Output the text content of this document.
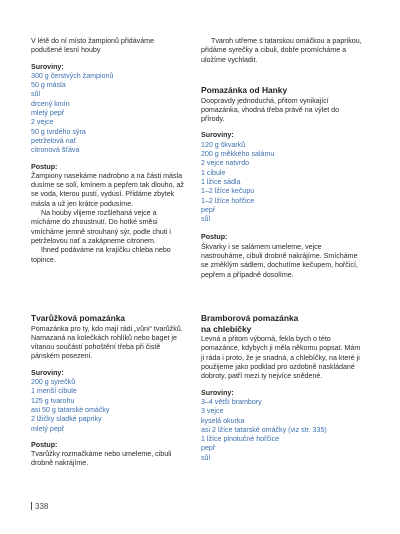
V létě do ní místo žampionů přidáváme podušené lesní houby

Suroviny:

300 g čerstvých žampionů

50 g másla

sůl

drcený kmín

mletý pepř

2 vejce

50 g tvrdého sýra

petrželová nať

citronová šťáva

Postup:

Žampiony nasekáme nadrobno a na části másla dusíme se solí, kmínem a pepřem tak dlouho, až se voda, kterou pustí, vydusí. Přidáme zbytek másla a už jen krátce podusíme.

Na houby vlijeme rozšlehaná vejce a mícháme do zhoustnutí. Do hotké směsi vmícháme jemně strouhaný sýr, podle chuti i petrželovou nať a zakápneme citronem.

Ihned podáváme na krajíčku chleba nebo topince.

Tvarůžková pomazánka

Pomazánka pro ty, kdo mají rádi „vůni“ tvarůžků. Namazaná na kolečkách rohlíků nebo baget je vítanou součástí pohoštění třeba při čistě pánském posezení.

Suroviny:

200 g syrečků

1 menší cibule

125 g tvarohu

asi 50 g tatarské omáčky

2 lžičky sladké papriky

mletý pepř

Postup:

Tvarůžky rozmačkáme nebo umeleme, cibuli drobně nakrájíme.

Tvaroh utřeme s tatarskou omáčkou a paprikou, přidáme syrečky a cibuli, dobře promícháme a uložíme vychladit.

Pomazánka od Hanky

Doopravdy jednoduchá, přitom vynikající pomazánka, vhodná třeba právě na výlet do přírody.

Suroviny:

120 g škvarků

200 g měkkého salámu

2 vejce natvrdo

1 cibule

1 lžíce sádla

1–2 lžíce kečupu

1–2 lžíce hořčice

pepř

sůl

Postup:

Škvarky i se salámem umeleme, vejce nastrouháme, cibuli drobně nakrájíme. Smícháme se změklým sádlem, dochutíme kečupem, hořčicí, pepřem a případně dosolíme.

Bramborová pomazánka

na chlebíčky

Levná a přitom výborná, fekla bych o této pomazánce, kdybych ji měla někomu popsat. Mám ji ráda i proto, že je snadná, a chlebíčky, na které ji použijeme jako podklad pro ozdobně naskládané dobroty, patří mezi ty nejvíce snědené.

Suroviny:

3–4 větší brambory

3 vejce

kyselá okurka

asi 2 lžíce tatarské omáčky (viz str. 335)

1 lžíce plnotučné hořčice

pepř

sůl

338
